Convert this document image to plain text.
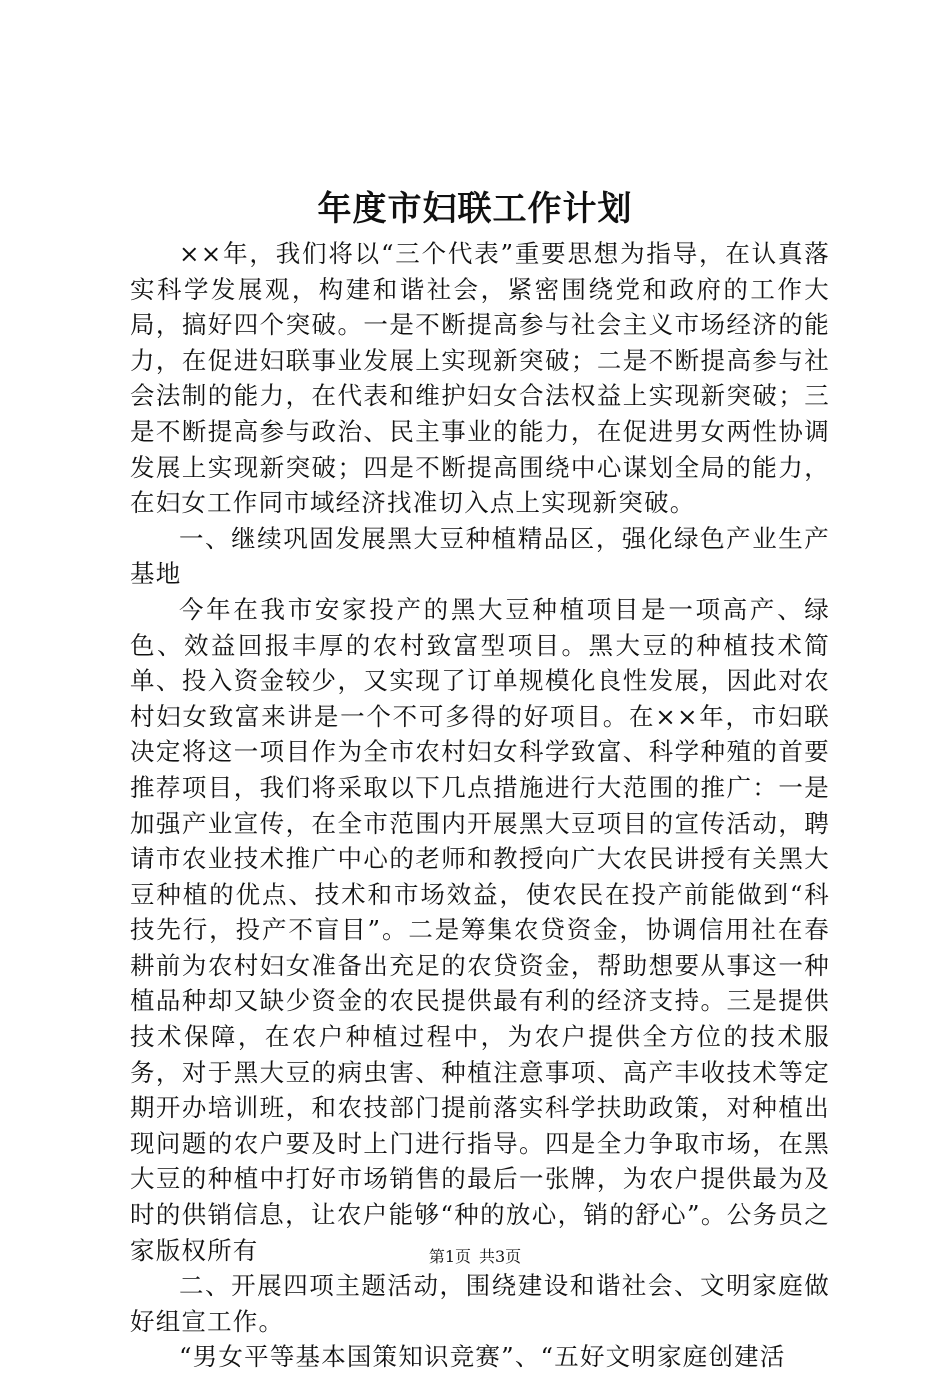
年度市妇联工作计划

××年，我们将以“三个代表”重要思想为指导，在认真落实科学发展观，构建和谐社会，紧密围绕党和政府的工作大局，搞好四个突破。一是不断提高参与社会主义市场经济的能力，在促进妇联事业发展上实现新突破；二是不断提高参与社会法制的能力，在代表和维护妇女合法权益上实现新突破；三是不断提高参与政治、民主事业的能力，在促进男女两性协调发展上实现新突破；四是不断提高围绕中心谋划全局的能力，在妇女工作同市域经济找准切入点上实现新突破。

一、继续巩固发展黑大豆种植精品区，强化绿色产业生产基地

今年在我市安家投产的黑大豆种植项目是一项高产、绿色、效益回报丰厚的农村致富型项目。黑大豆的种植技术简单、投入资金较少，又实现了订单规模化良性发展，因此对农村妇女致富来讲是一个不可多得的好项目。在××年，市妇联决定将这一项目作为全市农村妇女科学致富、科学种殖的首要推荐项目，我们将采取以下几点措施进行大范围的推广：一是加强产业宣传，在全市范围内开展黑大豆项目的宣传活动，聘请市农业技术推广中心的老师和教授向广大农民讲授有关黑大豆种植的优点、技术和市场效益，使农民在投产前能做到“科技先行，投产不盲目”。二是筹集农贷资金，协调信用社在春耕前为农村妇女准备出充足的农贷资金，帮助想要从事这一种植品种却又缺少资金的农民提供最有利的经济支持。三是提供技术保障，在农户种植过程中，为农户提供全方位的技术服务，对于黑大豆的病虫害、种植注意事项、高产丰收技术等定期开办培训班，和农技部门提前落实科学扶助政策，对种植出现问题的农户要及时上门进行指导。四是全力争取市场，在黑大豆的种植中打好市场销售的最后一张牌，为农户提供最为及时的供销信息，让农户能够“种的放心，销的舒心”。公务员之家版权所有

二、开展四项主题活动，围绕建设和谐社会、文明家庭做好组宣工作。

“男女平等基本国策知识竞赛”、“五好文明家庭创建活

第1页 共3页
